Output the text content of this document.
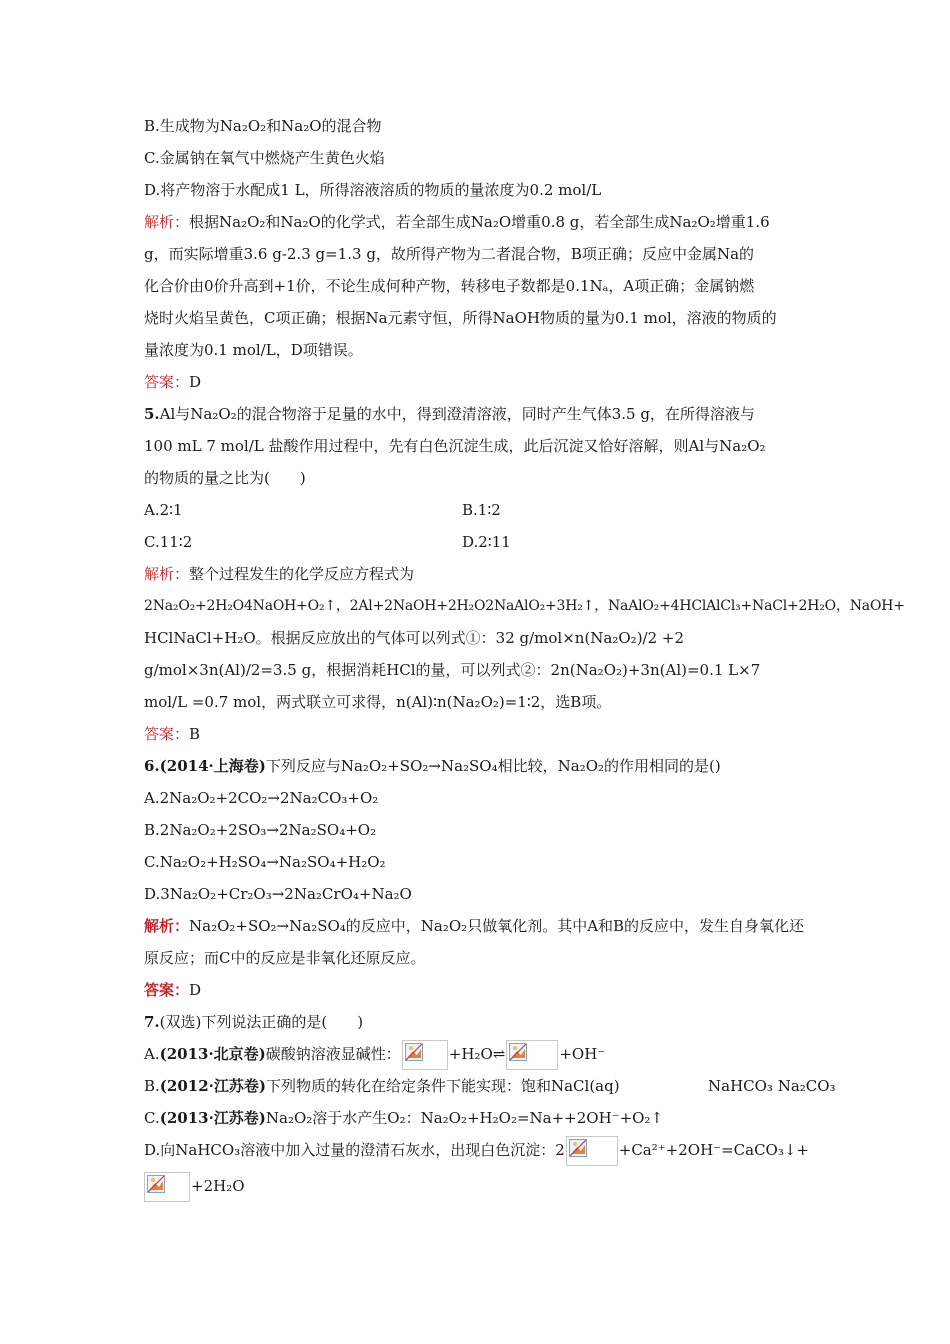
B.生成物为Na₂O₂和Na₂O的混合物
C.金属钠在氧气中燃烧产生黄色火焰
D.将产物溶于水配成1 L，所得溶液溶质的物质的量浓度为0.2 mol/L
解析：根据Na₂O₂和Na₂O的化学式，若全部生成Na₂O增重0.8 g，若全部生成Na₂O₂增重1.6
g，而实际增重3.6 g-2.3 g=1.3 g，故所得产物为二者混合物，B项正确；反应中金属Na的
化合价由0价升高到+1价，不论生成何种产物，转移电子数都是0.1Nₐ，A项正确；金属钠燃
烧时火焰呈黄色，C项正确；根据Na元素守恒，所得NaOH物质的量为0.1 mol，溶液的物质的
量浓度为0.1 mol/L，D项错误。
答案：D
5.Al与Na₂O₂的混合物溶于足量的水中，得到澄清溶液，同时产生气体3.5 g，在所得溶液与
100 mL 7 mol/L 盐酸作用过程中，先有白色沉淀生成，此后沉淀又恰好溶解，则Al与Na₂O₂
的物质的量之比为(　　)
A.2∶1	B.1∶2
C.11∶2	D.2∶11
解析：整个过程发生的化学反应方程式为
2Na₂O₂+2H₂O4NaOH+O₂↑，2Al+2NaOH+2H₂O2NaAlO₂+3H₂↑，NaAlO₂+4HClAlCl₃+NaCl+2H₂O，NaOH+
HClNaCl+H₂O。根据反应放出的气体可以列式①：32 g/mol×n(Na₂O₂)/2 +2
g/mol×3n(Al)/2=3.5 g，根据消耗HCl的量，可以列式②：2n(Na₂O₂)+3n(Al)=0.1 L×7
mol/L =0.7 mol，两式联立可求得，n(Al)∶n(Na₂O₂)=1∶2，选B项。
答案：B
6.(2014·上海卷)下列反应与Na₂O₂+SO₂→Na₂SO₄相比较，Na₂O₂的作用相同的是()
A.2Na₂O₂+2CO₂→2Na₂CO₃+O₂
B.2Na₂O₂+2SO₃→2Na₂SO₄+O₂
C.Na₂O₂+H₂SO₄→Na₂SO₄+H₂O₂
D.3Na₂O₂+Cr₂O₃→2Na₂CrO₄+Na₂O
解析：Na₂O₂+SO₂→Na₂SO₄的反应中，Na₂O₂只做氧化剂。其中A和B的反应中，发生自身氧化还
原反应；而C中的反应是非氧化还原反应。
答案：D
7.(双选)下列说法正确的是(　　)
A.(2013·北京卷)碳酸钠溶液显碱性：	+H₂O⇌	+OH⁻
B.(2012·江苏卷)下列物质的转化在给定条件下能实现：饱和NaCl(aq)	NaHCO₃ Na₂CO₃
C.(2013·江苏卷)Na₂O₂溶于水产生O₂：Na₂O₂+H₂O₂=Na++2OH⁻+O₂↑
D.向NaHCO₃溶液中加入过量的澄清石灰水，出现白色沉淀：2	+Ca²⁺+2OH⁻=CaCO₃↓+
+2H₂O
